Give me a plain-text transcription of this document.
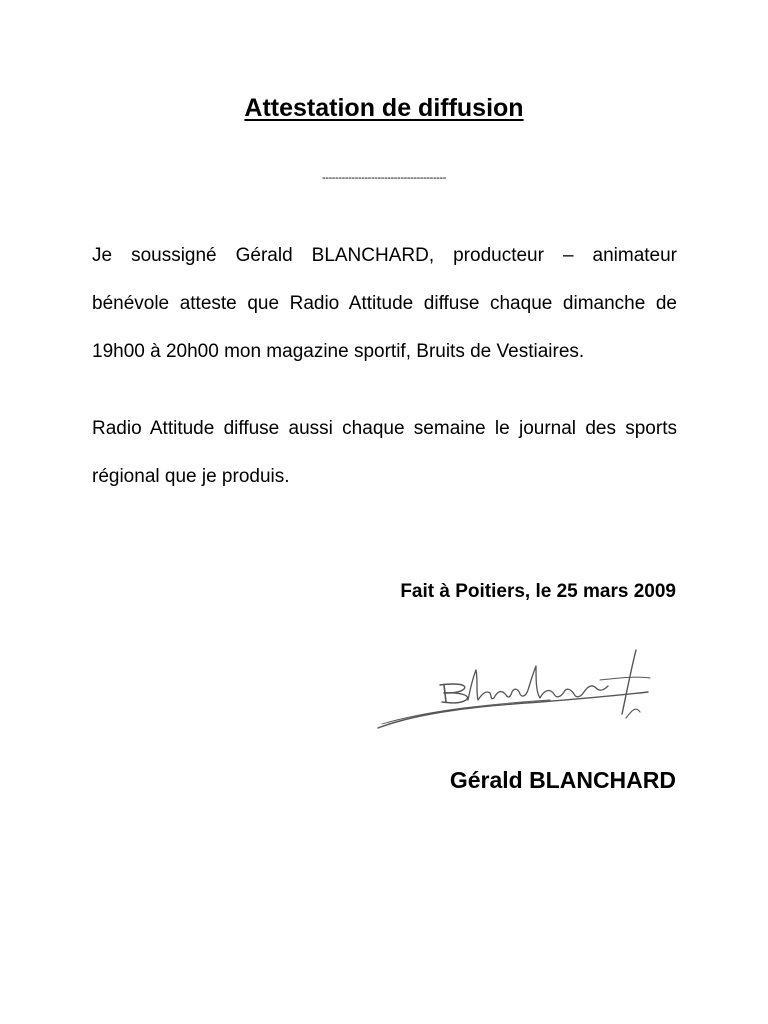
Attestation de diffusion
--------------------------------------

Je soussigné Gérald BLANCHARD, producteur – animateur bénévole atteste que Radio Attitude diffuse chaque dimanche de 19h00 à 20h00 mon magazine sportif, Bruits de Vestiaires.

Radio Attitude diffuse aussi chaque semaine le journal des sports régional que je produis.

Fait à Poitiers, le 25 mars 2009

Gérald BLANCHARD
